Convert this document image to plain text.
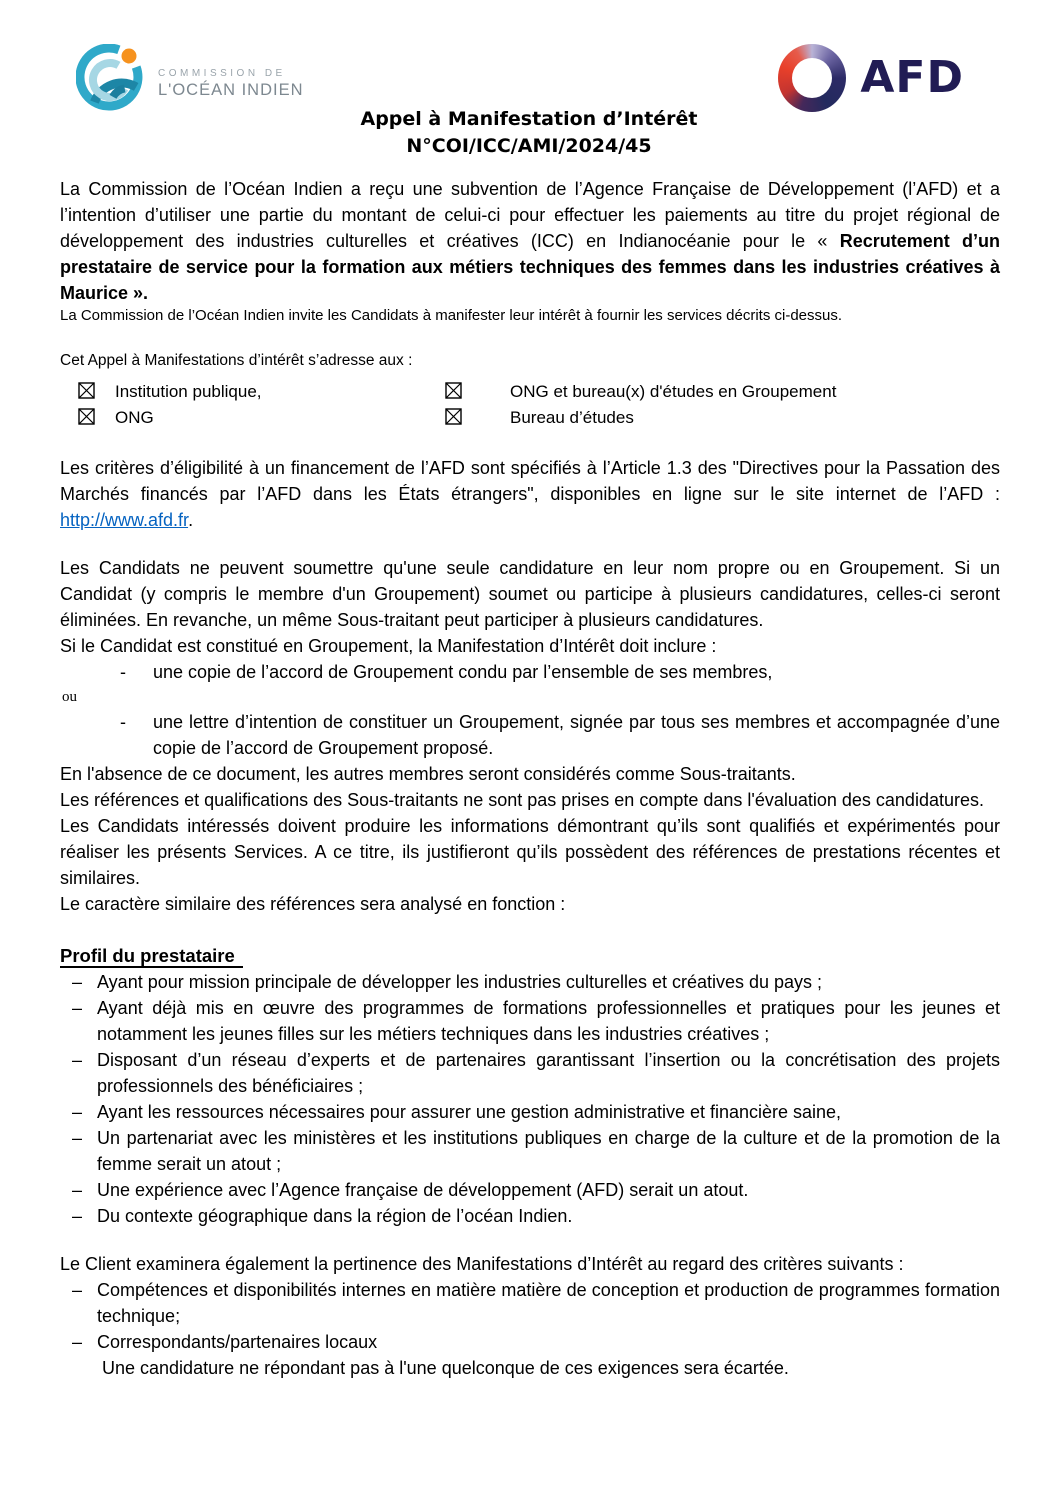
COMMISSION DE
L'OCÉAN INDIEN	AFD
Appel à Manifestation d’Intérêt
N°COI/ICC/AMI/2024/45

La Commission de l’Océan Indien a reçu une subvention de l’Agence Française de Développement (l’AFD) et a l’intention d’utiliser une partie du montant de celui-ci pour effectuer les paiements au titre du projet régional de développement des industries culturelles et créatives (ICC) en Indianocéanie pour le « Recrutement d’un prestataire de service pour la formation aux métiers techniques des femmes dans les industries créatives à Maurice ».

La Commission de l’Océan Indien invite les Candidats à manifester leur intérêt à fournir les services décrits ci-dessus.

Cet Appel à Manifestations d’intérêt s’adresse aux :

Institution publique,	ONG et bureau(x) d'études en Groupement
ONG	Bureau d’études

Les critères d’éligibilité à un financement de l’AFD sont spécifiés à l’Article 1.3 des "Directives pour la Passation des Marchés financés par l’AFD dans les États étrangers", disponibles en ligne sur le site internet de l’AFD : http://www.afd.fr.

Les Candidats ne peuvent soumettre qu'une seule candidature en leur nom propre ou en Groupement. Si un Candidat (y compris le membre d'un Groupement) soumet ou participe à plusieurs candidatures, celles-ci seront éliminées. En revanche, un même Sous-traitant peut participer à plusieurs candidatures.

Si le Candidat est constitué en Groupement, la Manifestation d’Intérêt doit inclure :

- une copie de l’accord de Groupement condu par l’ensemble de ses membres,

ou

- une lettre d’intention de constituer un Groupement, signée par tous ses membres et accompagnée d’une copie de l’accord de Groupement proposé.

En l'absence de ce document, les autres membres seront considérés comme Sous-traitants.

Les références et qualifications des Sous-traitants ne sont pas prises en compte dans l'évaluation des candidatures.

Les Candidats intéressés doivent produire les informations démontrant qu’ils sont qualifiés et expérimentés pour réaliser les présents Services. A ce titre, ils justifieront qu’ils possèdent des références de prestations récentes et similaires.

Le caractère similaire des références sera analysé en fonction :

Profil du prestataire
– Ayant pour mission principale de développer les industries culturelles et créatives du pays ;
– Ayant déjà mis en œuvre des programmes de formations professionnelles et pratiques pour les jeunes et notamment les jeunes filles sur les métiers techniques dans les industries créatives ;
– Disposant d’un réseau d’experts et de partenaires garantissant l’insertion ou la concrétisation des projets professionnels des bénéficiaires ;
– Ayant les ressources nécessaires pour assurer une gestion administrative et financière saine,
– Un partenariat avec les ministères et les institutions publiques en charge de la culture et de la promotion de la femme serait un atout ;
– Une expérience avec l’Agence française de développement (AFD) serait un atout.
– Du contexte géographique dans la région de l’océan Indien.

Le Client examinera également la pertinence des Manifestations d’Intérêt au regard des critères suivants :

– Compétences et disponibilités internes en matière matière de conception et production de programmes formation technique;
– Correspondants/partenaires locaux

Une candidature ne répondant pas à l'une quelconque de ces exigences sera écartée.
